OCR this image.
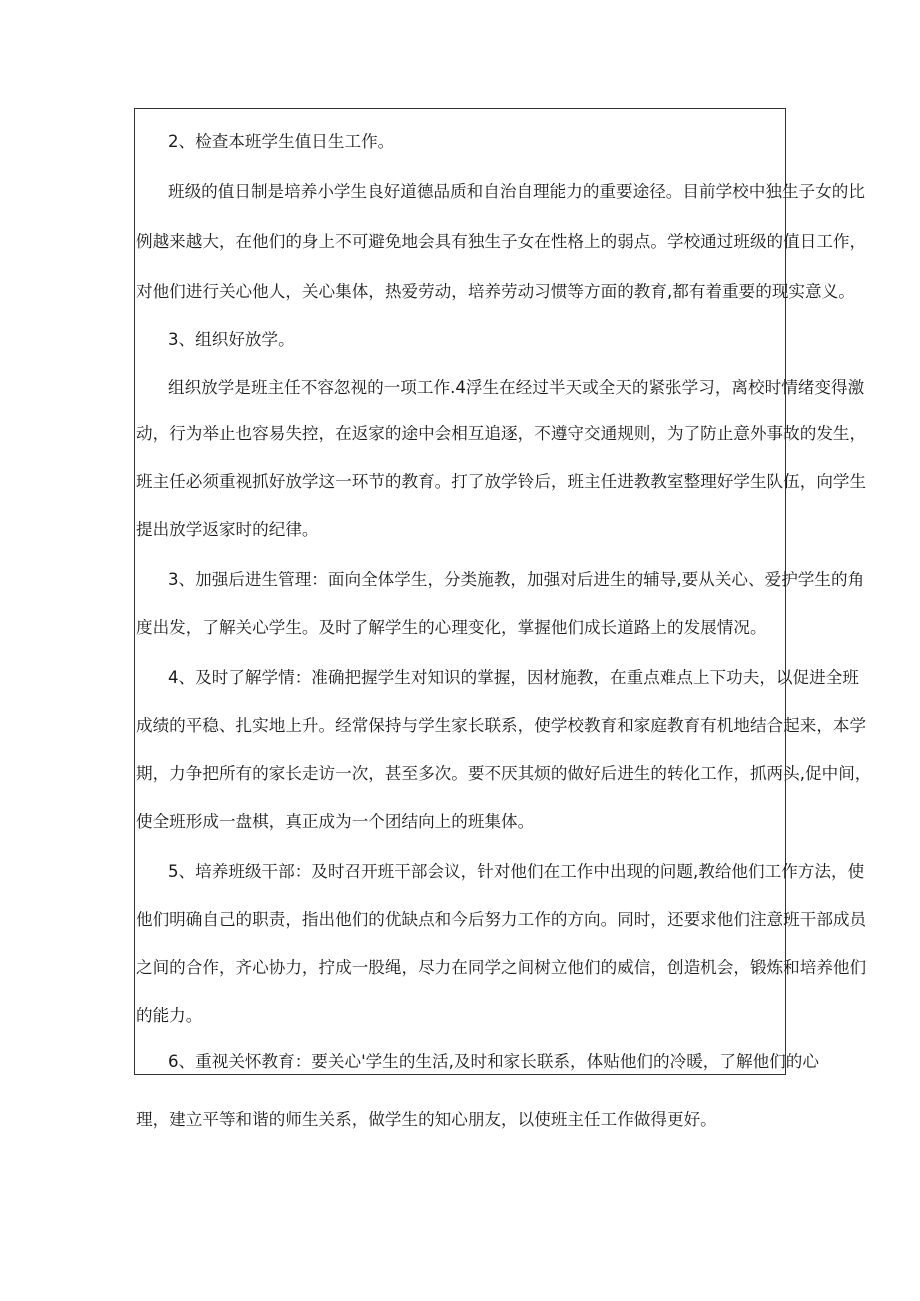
2、检查本班学生值日生工作。
班级的值日制是培养小学生良好道德品质和自治自理能力的重要途径。目前学校中独生子女的比
例越来越大，在他们的身上不可避免地会具有独生子女在性格上的弱点。学校通过班级的值日工作，
对他们进行关心他人，关心集体，热爱劳动，培养劳动习惯等方面的教育,都有着重要的现实意义。
3、组织好放学。
组织放学是班主任不容忽视的一项工作.4浮生在经过半天或全天的紧张学习，离校时情绪变得激
动，行为举止也容易失控，在返家的途中会相互追逐，不遵守交通规则，为了防止意外事故的发生，
班主任必须重视抓好放学这一环节的教育。打了放学铃后，班主任进教教室整理好学生队伍，向学生
提出放学返家时的纪律。
3、加强后进生管理：面向全体学生，分类施教，加强对后进生的辅导,要从关心、爱护学生的角
度出发，了解关心学生。及时了解学生的心理变化，掌握他们成长道路上的发展情况。
4、及时了解学情：准确把握学生对知识的掌握，因材施教，在重点难点上下功夫，以促进全班
成绩的平稳、扎实地上升。经常保持与学生家长联系，使学校教育和家庭教育有机地结合起来，本学
期，力争把所有的家长走访一次，甚至多次。要不厌其烦的做好后进生的转化工作，抓两头,促中间，
使全班形成一盘棋，真正成为一个团结向上的班集体。
5、培养班级干部：及时召开班干部会议，针对他们在工作中出现的问题,教给他们工作方法，使
他们明确自己的职责，指出他们的优缺点和今后努力工作的方向。同时，还要求他们注意班干部成员
之间的合作，齐心协力，拧成一股绳，尽力在同学之间树立他们的威信，创造机会，锻炼和培养他们
的能力。
6、重视关怀教育：要关心'学生的生活,及时和家长联系，体贴他们的冷暖，了解他们的心
理，建立平等和谐的师生关系，做学生的知心朋友，以使班主任工作做得更好。
